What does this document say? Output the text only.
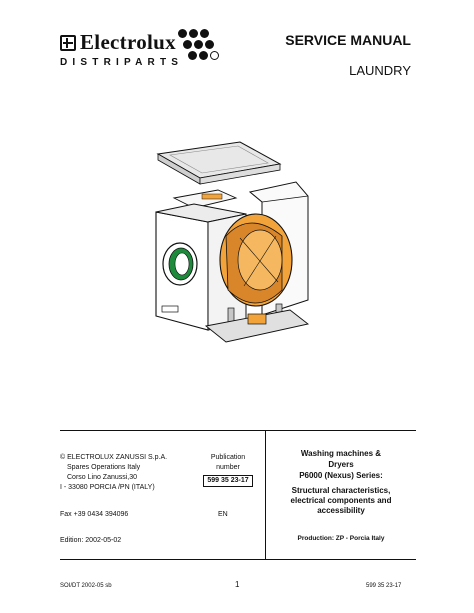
Electrolux
DISTRIPARTS
SERVICE MANUAL
LAUNDRY
© ELECTROLUX ZANUSSI S.p.A.
Spares Operations Italy
Corso Lino Zanussi,30
I - 33080 PORCIA /PN (ITALY)
Publication
number
599 35 23-17
Fax +39 0434 394096	EN
Edition: 2002-05-02
Washing machines &
Dryers
P6000 (Nexus) Series:
Structural characteristics,
electrical components and
accessibility
Production: ZP - Porcia Italy
SOI/DT 2002-05 sb	1	599 35 23-17
